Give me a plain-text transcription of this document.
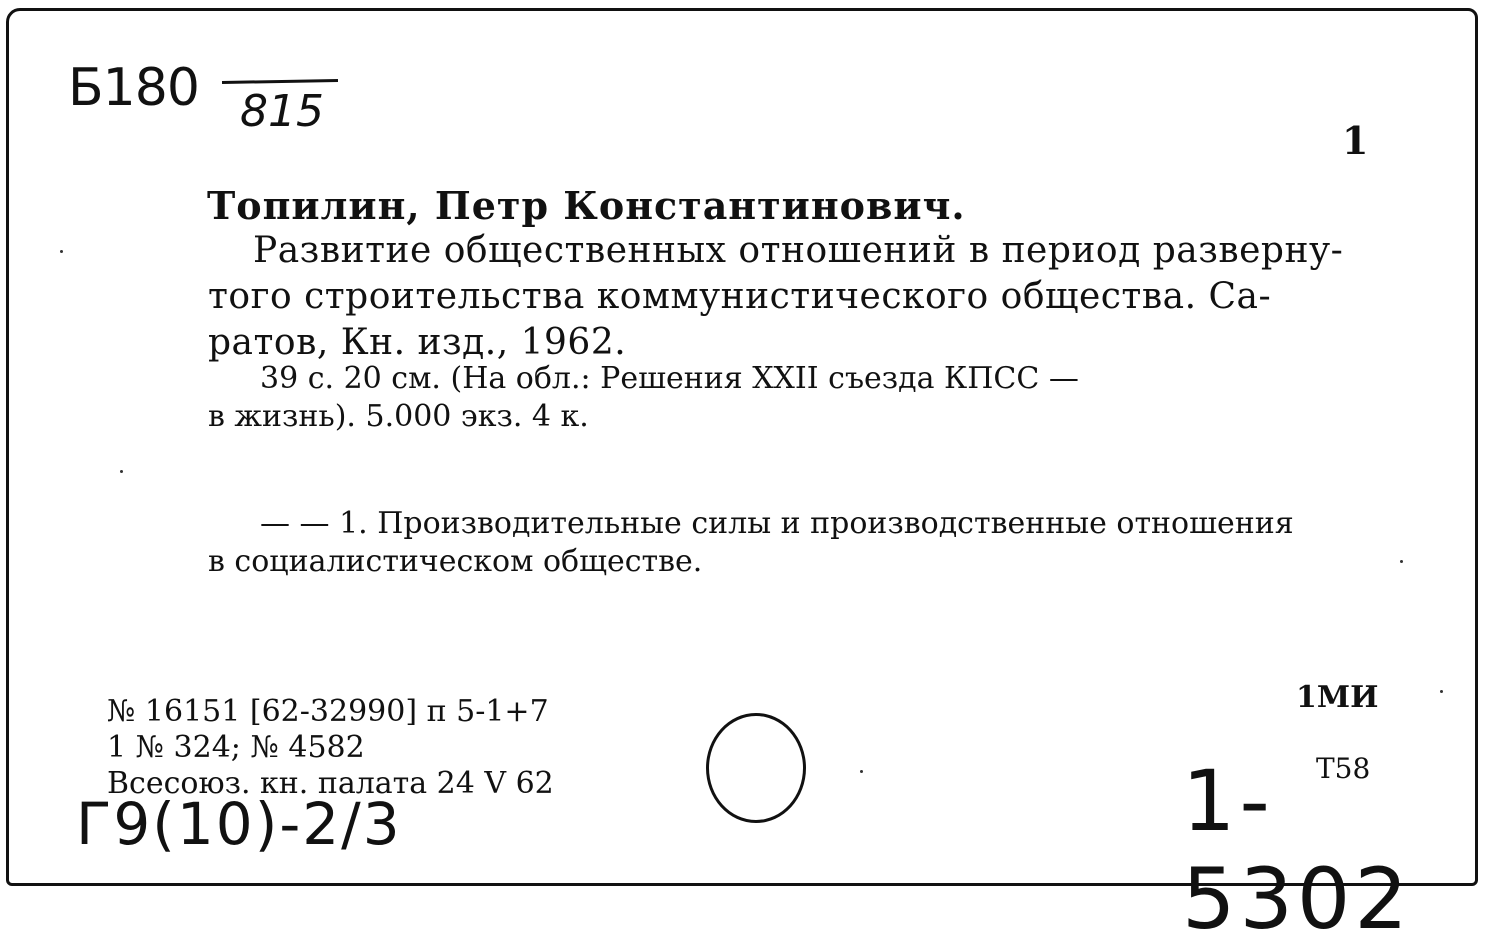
Б180 815
1
Топилин, Петр Константинович.
Развитие общественных отношений в период разверну-
того строительства коммунистического общества. Са-
ратов, Кн. изд., 1962.
39 с. 20 см. (На обл.: Решения XXII съезда КПСС —
в жизнь). 5.000 экз. 4 к.
— — 1. Производительные силы и производственные отношения
в социалистическом обществе.
№ 16151 [62-32990] п 5-1+7
1 № 324; № 4582
Всесоюз. кн. палата 24 V 62
1МИ
Т58
Г9(10)-2/3	1-5302
